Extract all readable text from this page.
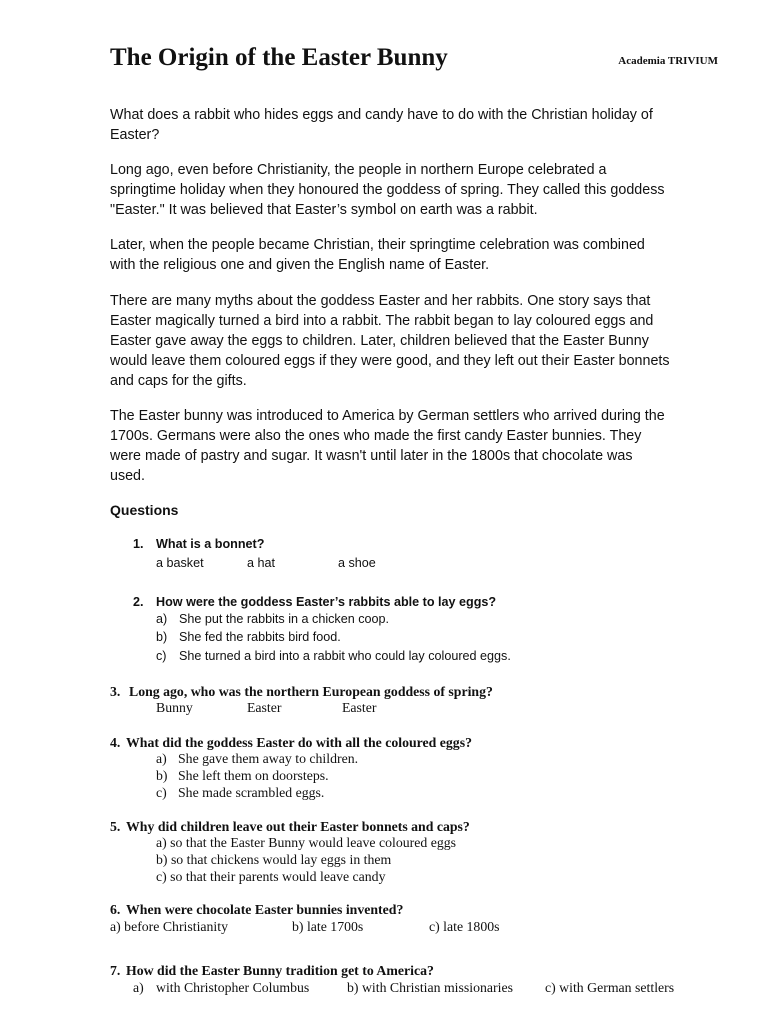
The Origin of the Easter Bunny	Academia TRIVIUM

What does a rabbit who hides eggs and candy have to do with the Christian holiday of Easter?

Long ago, even before Christianity, the people in northern Europe celebrated a springtime holiday when they honoured the goddess of spring. They called this goddess "Easter." It was believed that Easter’s symbol on earth was a rabbit.

Later, when the people became Christian, their springtime celebration was combined with the religious one and given the English name of Easter.

There are many myths about the goddess Easter and her rabbits. One story says that Easter magically turned a bird into a rabbit. The rabbit began to lay coloured eggs and Easter gave away the eggs to children. Later, children believed that the Easter Bunny would leave them coloured eggs if they were good, and they left out their Easter bonnets and caps for the gifts.

The Easter bunny was introduced to America by German settlers who arrived during the 1700s. Germans were also the ones who made the first candy Easter bunnies. They were made of pastry and sugar. It wasn't until later in the 1800s that chocolate was used.

Questions
1. What is a bonnet?
a basket	a hat	a shoe
2. How were the goddess Easter’s rabbits able to lay eggs?
a) She put the rabbits in a chicken coop.
b) She fed the rabbits bird food.
c) She turned a bird into a rabbit who could lay coloured eggs.
3. Long ago, who was the northern European goddess of spring?
Bunny	Easter	Easter
4. What did the goddess Easter do with all the coloured eggs?
a) She gave them away to children.
b) She left them on doorsteps.
c) She made scrambled eggs.
5. Why did children leave out their Easter bonnets and caps?
a) so that the Easter Bunny would leave coloured eggs
b) so that chickens would lay eggs in them
c) so that their parents would leave candy
6. When were chocolate Easter bunnies invented?
a) before Christianity	b) late 1700s	c) late 1800s
7. How did the Easter Bunny tradition get to America?
a) with Christopher Columbus	b) with Christian missionaries c) with German settlers
